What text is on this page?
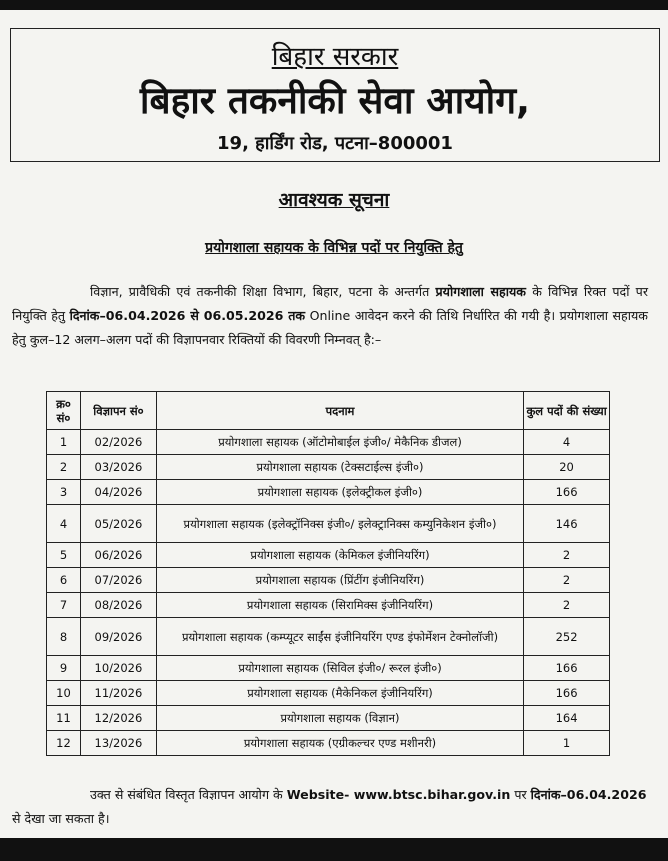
बिहार सरकार
बिहार तकनीकी सेवा आयोग,
19, हार्डिंग रोड, पटना–800001
आवश्यक सूचना
प्रयोगशाला सहायक के विभिन्न पदों पर नियुक्ति हेतु
विज्ञान, प्रावैधिकी एवं तकनीकी शिक्षा विभाग, बिहार, पटना के अन्तर्गत प्रयोगशाला सहायक के विभिन्न रिक्त पदों पर नियुक्ति हेतु दिनांक–06.04.2026 से 06.05.2026 तक Online आवेदन करने की तिथि निर्धारित की गयी है। प्रयोगशाला सहायक हेतु कुल–12 अलग–अलग पदों की विज्ञापनवार रिक्तियों की विवरणी निम्नवत् है:–
क्र० सं०	विज्ञापन सं०	पदनाम	कुल पदों की संख्या
1	02/2026	प्रयोगशाला सहायक (ऑटोमोबाईल इंजी०/ मेकैनिक डीजल)	4
2	03/2026	प्रयोगशाला सहायक (टेक्सटाईल्स इंजी०)	20
3	04/2026	प्रयोगशाला सहायक (इलेक्ट्रीकल इंजी०)	166
4	05/2026	प्रयोगशाला सहायक (इलेक्ट्रॉनिक्स इंजी०/ इलेक्ट्रानिक्स कम्युनिकेशन इंजी०)	146
5	06/2026	प्रयोगशाला सहायक (केमिकल इंजीनियरिंग)	2
6	07/2026	प्रयोगशाला सहायक (प्रिंटींग इंजीनियरिंग)	2
7	08/2026	प्रयोगशाला सहायक (सिरामिक्स इंजीनियरिंग)	2
8	09/2026	प्रयोगशाला सहायक (कम्प्यूटर साईंस इंजीनियरिंग एण्ड इंफोर्मेशन टेक्नोलॉजी)	252
9	10/2026	प्रयोगशाला सहायक (सिविल इंजी०/ रूरल इंजी०)	166
10	11/2026	प्रयोगशाला सहायक (मैकेनिकल इंजीनियरिंग)	166
11	12/2026	प्रयोगशाला सहायक (विज्ञान)	164
12	13/2026	प्रयोगशाला सहायक (एग्रीकल्चर एण्ड मशीनरी)	1
उक्त से संबंधित विस्तृत विज्ञापन आयोग के Website- www.btsc.bihar.gov.in पर दिनांक–06.04.2026 से देखा जा सकता है।
